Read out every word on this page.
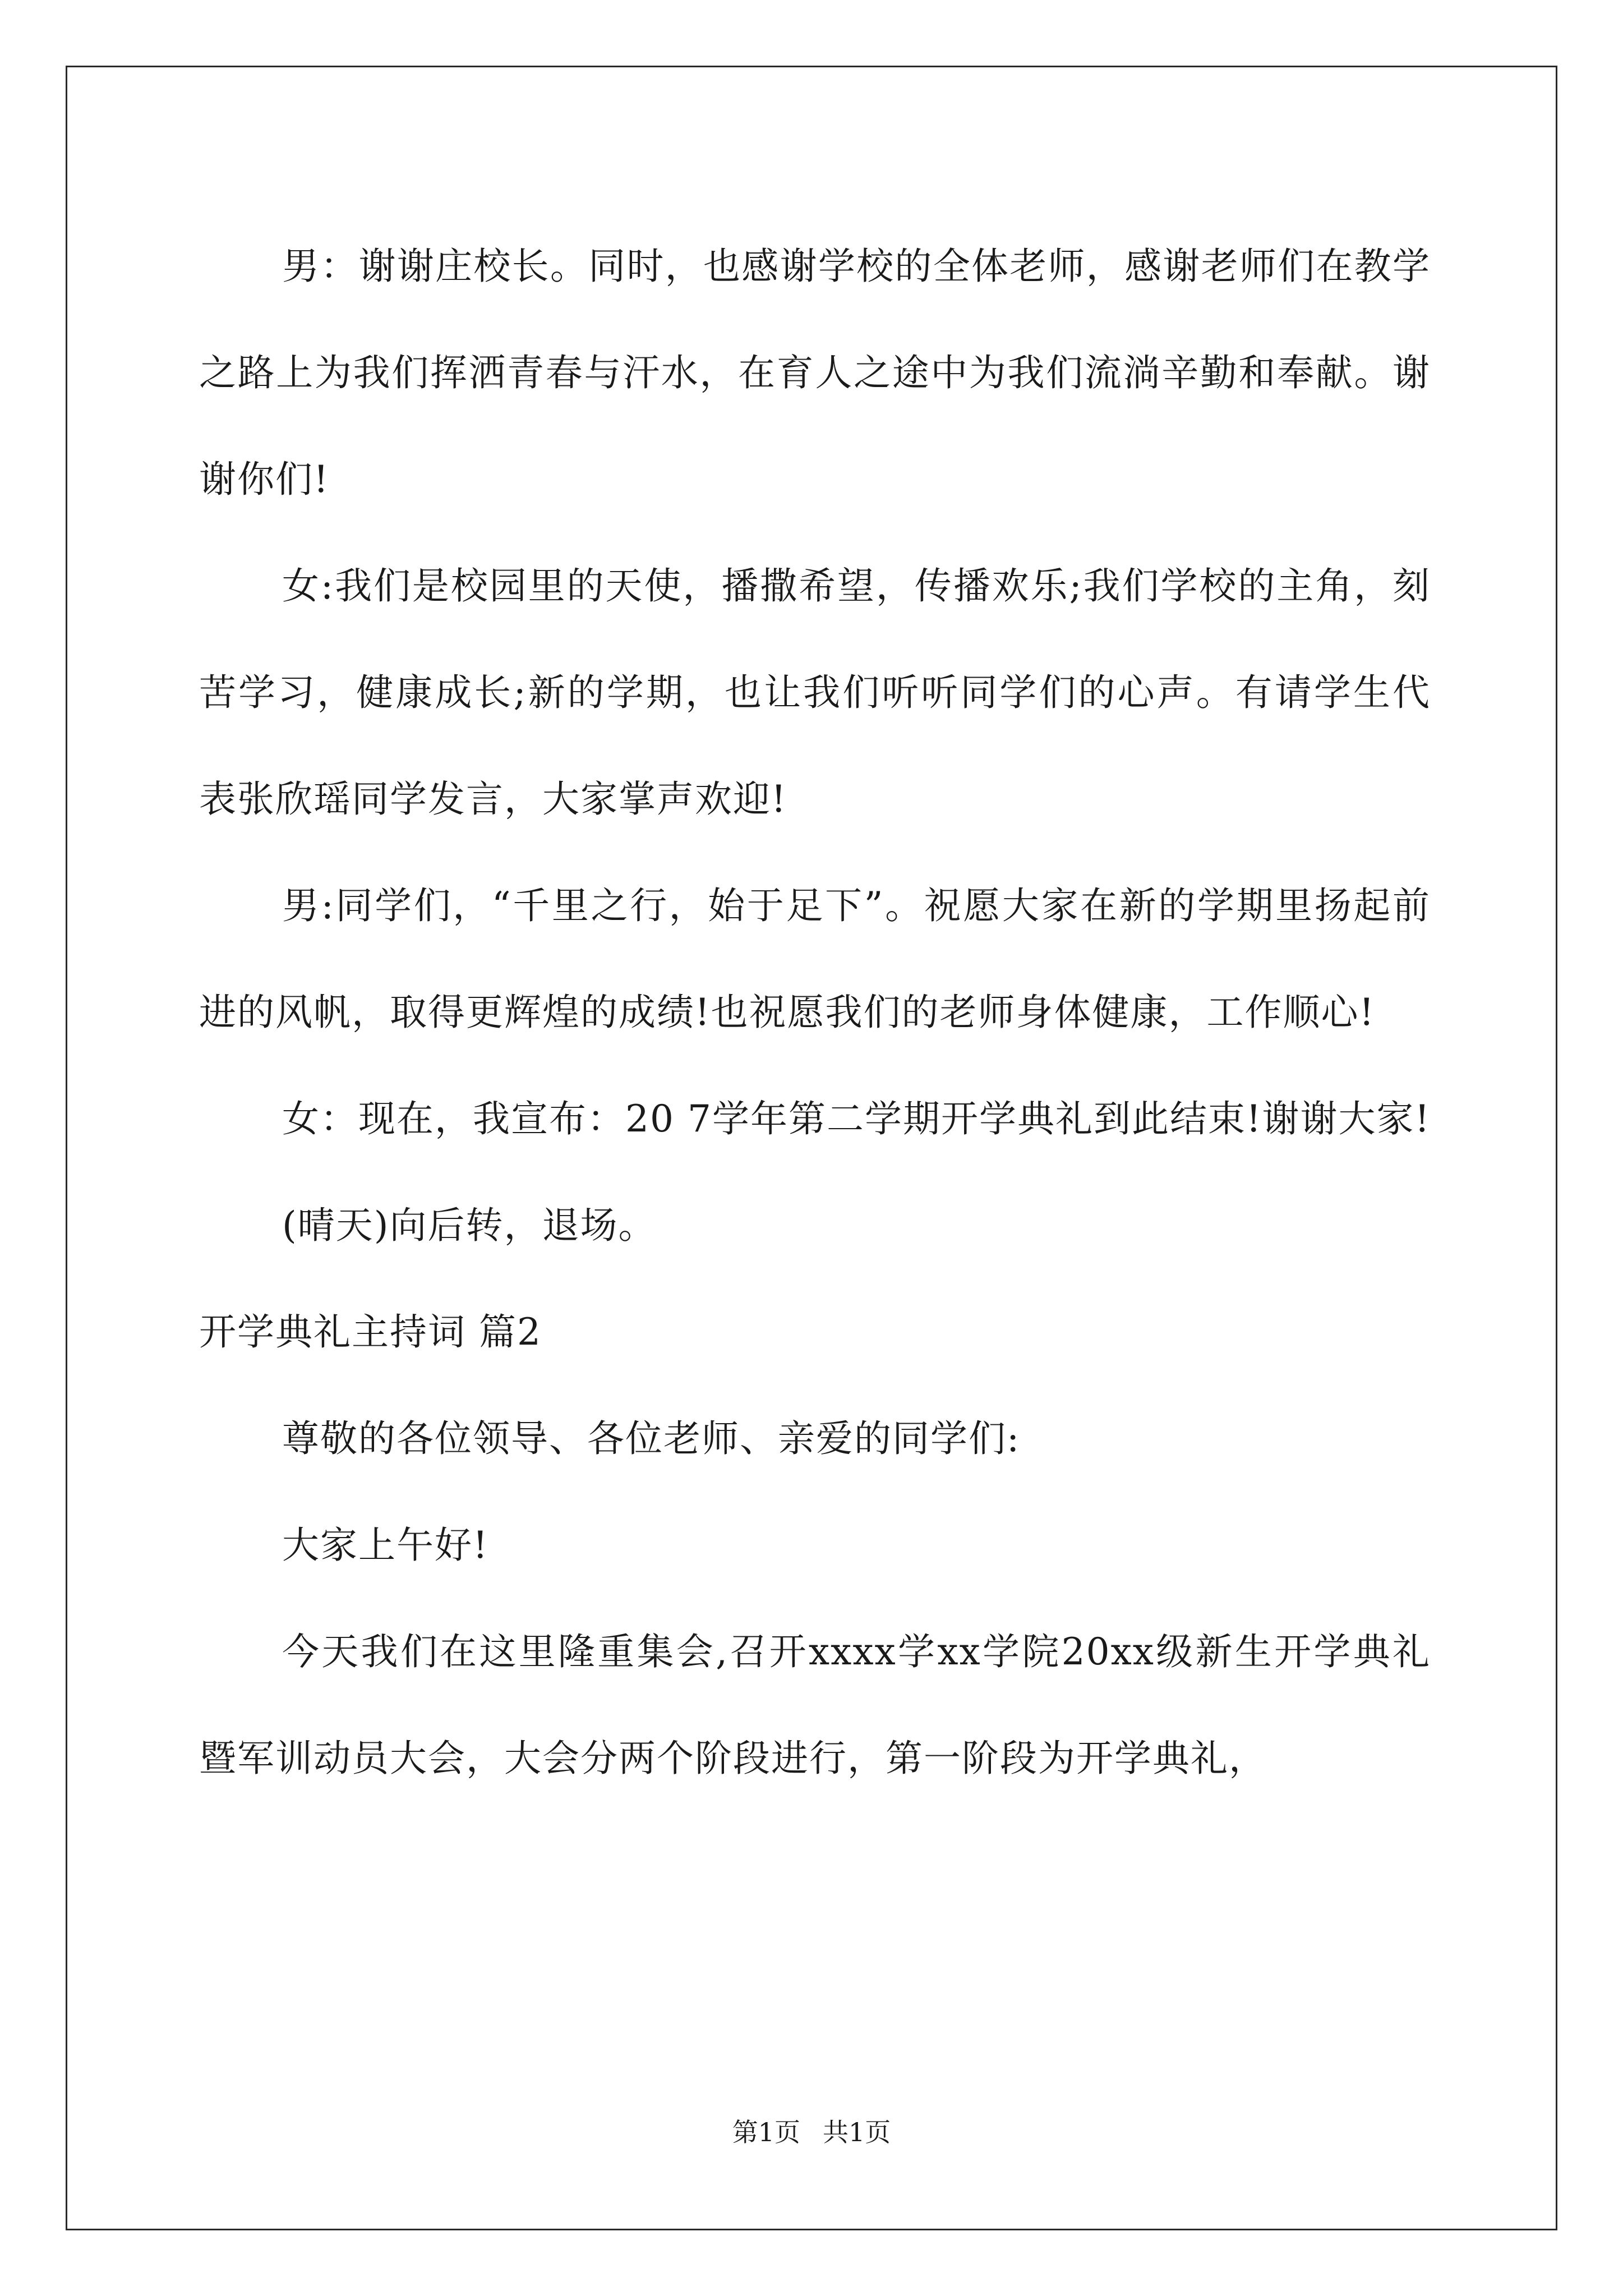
男：谢谢庄校长。同时，也感谢学校的全体老师，感谢老师们在教学之路上为我们挥洒青春与汗水，在育人之途中为我们流淌辛勤和奉献。谢谢你们!

女:我们是校园里的天使，播撒希望，传播欢乐;我们学校的主角，刻苦学习，健康成长;新的学期，也让我们听听同学们的心声。有请学生代表张欣瑶同学发言，大家掌声欢迎!

男:同学们，“千里之行，始于足下”。祝愿大家在新的学期里扬起前进的风帆，取得更辉煌的成绩!也祝愿我们的老师身体健康，工作顺心!

女：现在，我宣布：20 7学年第二学期开学典礼到此结束!谢谢大家!

(晴天)向后转，退场。

开学典礼主持词 篇2

尊敬的各位领导、各位老师、亲爱的同学们:

大家上午好!

今天我们在这里隆重集会,召开xxxx学xx学院20xx级新生开学典礼暨军训动员大会，大会分两个阶段进行，第一阶段为开学典礼，

第1页 共1页
